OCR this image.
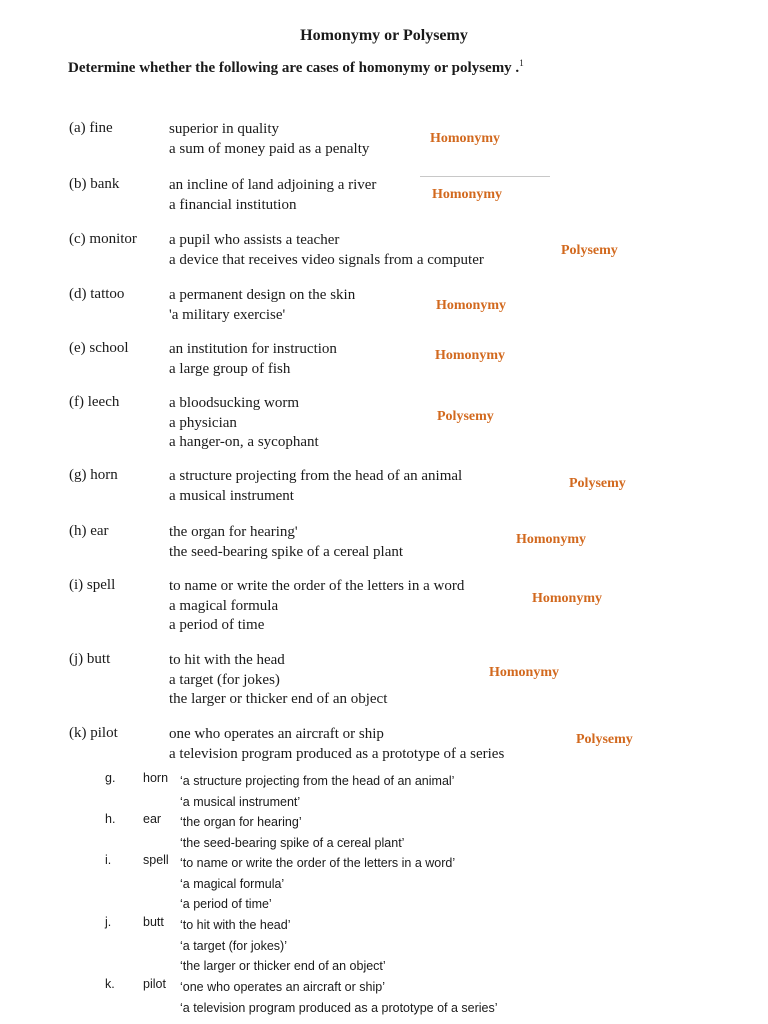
Homonymy or Polysemy
Determine whether the following are cases of homonymy or polysemy .$^1$
(a) fine	superior in quality
a sum of money paid as a penalty
Homonymy
(b) bank	an incline of land adjoining a river
a financial institution
Homonymy
(c) monitor a pupil who assists a teacher
a device that receives video signals from a computer
Polysemy
(d) tattoo	a permanent design on the skin
'a military exercise'
Homonymy
(e) school	an institution for instruction
a large group of fish
Homonymy
(f) leech	a bloodsucking worm
a physician
a hanger-on, a sycophant
Polysemy
(g) horn	a structure projecting from the head of an animal
a musical instrument
Polysemy
(h) ear	the organ for hearing'
the seed-bearing spike of a cereal plant
Homonymy
(i) spell	to name or write the order of the letters in a word
a magical formula
a period of time
Homonymy
(j) butt	to hit with the head
a target (for jokes)
the larger or thicker end of an object
Homonymy
(k) pilot	one who operates an aircraft or ship
a television program produced as a prototype of a series
Polysemy
g. horn ‘a structure projecting from the head of an animal’
‘a musical instrument’
h. ear ‘the organ for hearing’
‘the seed-bearing spike of a cereal plant’
i.	spell ‘to name or write the order of the letters in a word’
‘a magical formula’
‘a period of time’
j.	butt ‘to hit with the head’
‘a target (for jokes)’
‘the larger or thicker end of an object’
k. pilot ‘one who operates an aircraft or ship’
‘a television program produced as a prototype of a series’
